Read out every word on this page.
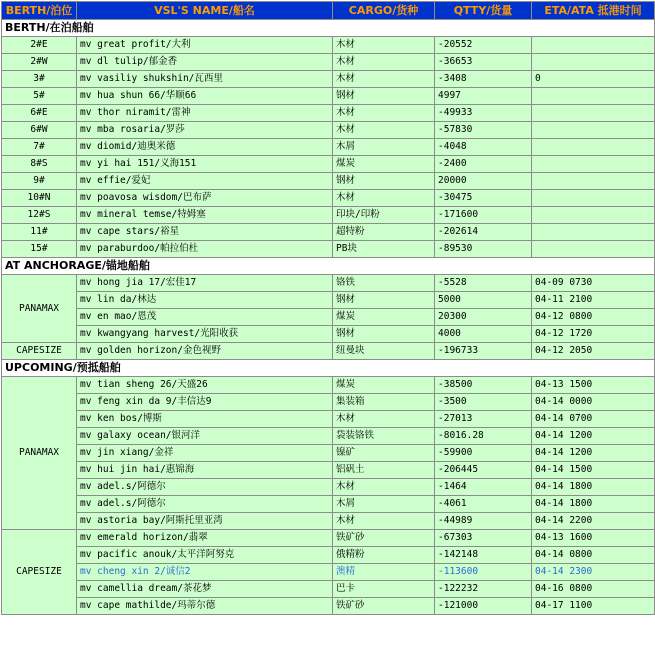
BERTH/泊位	VSL'S NAME/船名	CARGO/货种	QTTY/货量	ETA/ATA 抵港时间
BERTH/在泊船舶				
2#E	mv great profit/大利	木材	-20552	
2#W	mv dl tulip/郁金香	木材	-36653	
3#	mv vasiliy shukshin/瓦西里	木材	-3408	0
5#	mv hua shun 66/华顺66	钢材	4997	
6#E	mv thor niramit/雷神	木材	-49933	
6#W	mv mba rosaria/罗莎	木材	-57830	
7#	mv diomid/迪奥米德	木屑	-4048	
8#S	mv yi hai 151/义海151	煤炭	-2400	
9#	mv effie/爱妃	钢材	20000	
10#N	mv poavosa wisdom/巴布萨	木材	-30475	
12#S	mv mineral temse/特姆塞	印块/印粉	-171600	
11#	mv cape stars/裕星	超特粉	-202614	
15#	mv paraburdoo/帕拉伯杜	PB块	-89530	
AT ANCHORAGE/锚地船舶				
PANAMAX	mv hong jia 17/宏佳17	铬铁	-5528	04-09 0730
	mv lin da/林达	钢材	5000	04-11 2100
	mv en mao/恩茂	煤炭	20300	04-12 0800
	mv kwangyang harvest/光阳收获	钢材	4000	04-12 1720
CAPESIZE	mv golden horizon/金色视野	纽曼块	-196733	04-12 2050
UPCOMING/预抵船舶				
PANAMAX	mv tian sheng 26/天盛26	煤炭	-38500	04-13 1500
	mv feng xin da 9/丰信达9	集装箱	-3500	04-14 0000
	mv ken bos/博斯	木材	-27013	04-14 0700
	mv galaxy ocean/银河洋	袋装铬铁	-8016.28	04-14 1200
	mv jin xiang/金祥	镍矿	-59900	04-14 1200
	mv hui jin hai/惠锦海	铝矾土	-206445	04-14 1500
	mv adel.s/阿德尔	木材	-1464	04-14 1800
	mv adel.s/阿德尔	木屑	-4061	04-14 1800
	mv astoria bay/阿斯托里亚湾	木材	-44989	04-14 2200
CAPESIZE	mv emerald horizon/翡翠	铁矿砂	-67303	04-13 1600
	mv pacific anouk/太平洋阿努克	俄精粉	-142148	04-14 0800
	mv cheng xin 2/诚信2	澳精	-113600	04-14 2300
	mv camellia dream/茶花梦	巴卡	-122232	04-16 0800
	mv cape mathilde/玛蒂尔德	铁矿砂	-121000	04-17 1100
